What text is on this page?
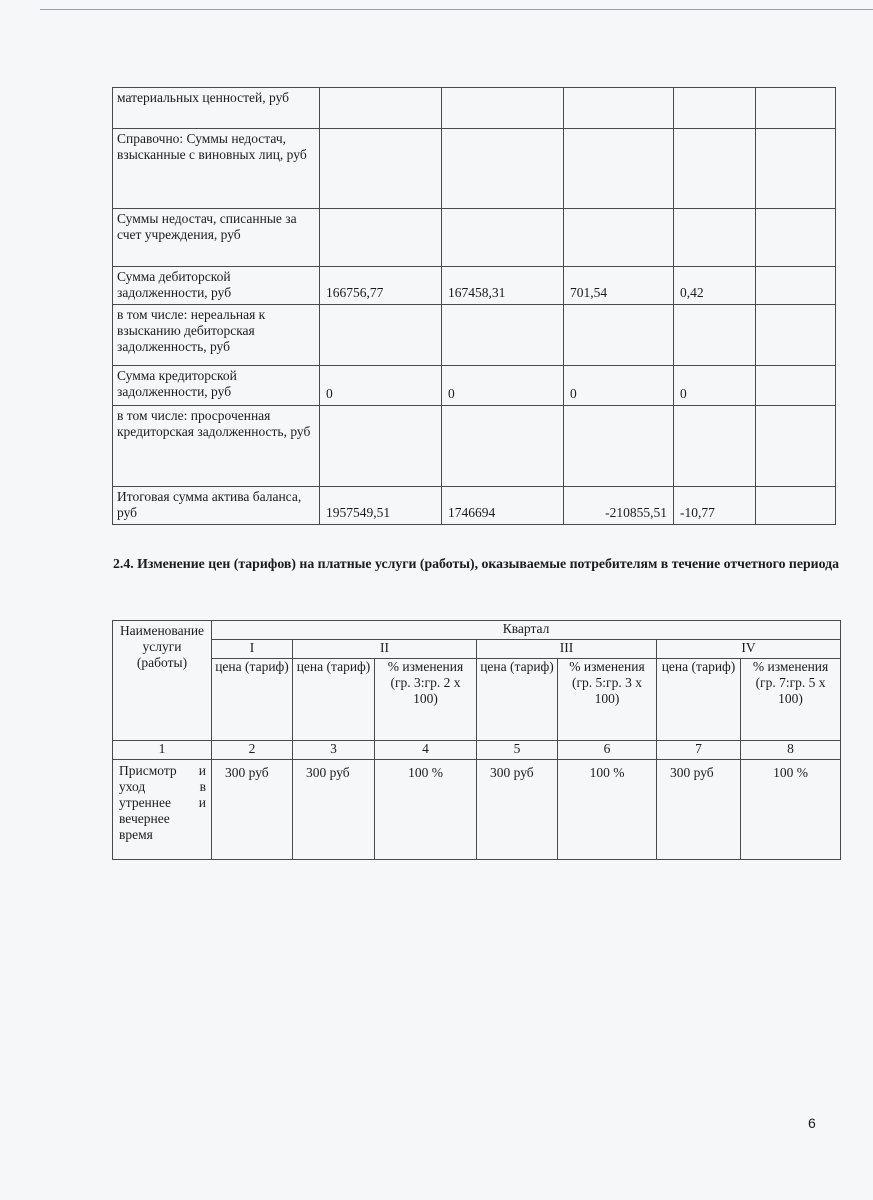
материальных ценностей, руб					
Справочно: Суммы недостач, взысканные с виновных лиц, руб					
Суммы недостач, списанные за счет учреждения, руб					
Сумма дебиторской задолженности, руб	166756,77	167458,31	701,54	0,42	
в том числе: нереальная к взысканию дебиторская задолженность, руб					
Сумма кредиторской задолженности, руб	0	0	0	0	
в том числе: просроченная кредиторская задолженность, руб					
Итоговая сумма актива баланса, руб	1957549,51	1746694	-210855,51	-10,77	
2.4. Изменение цен (тарифов) на платные услуги (работы), оказываемые потребителям в течение отчетного периода
Наименование услуги (работы)	Квартал						
	I	II		III		IV	
	цена (тариф)	цена (тариф)	% изменения (гр. 3:гр. 2 х 100)	цена (тариф)	% изменения (гр. 5:гр. 3 х 100)	цена (тариф)	% изменения (гр. 7:гр. 5 х 100)
1	2	3	4	5	6	7	8
Присмотр и уход в утреннее и вечернее время	300 руб	300 руб	100 %	300 руб	100 %	300 руб	100 %
6
